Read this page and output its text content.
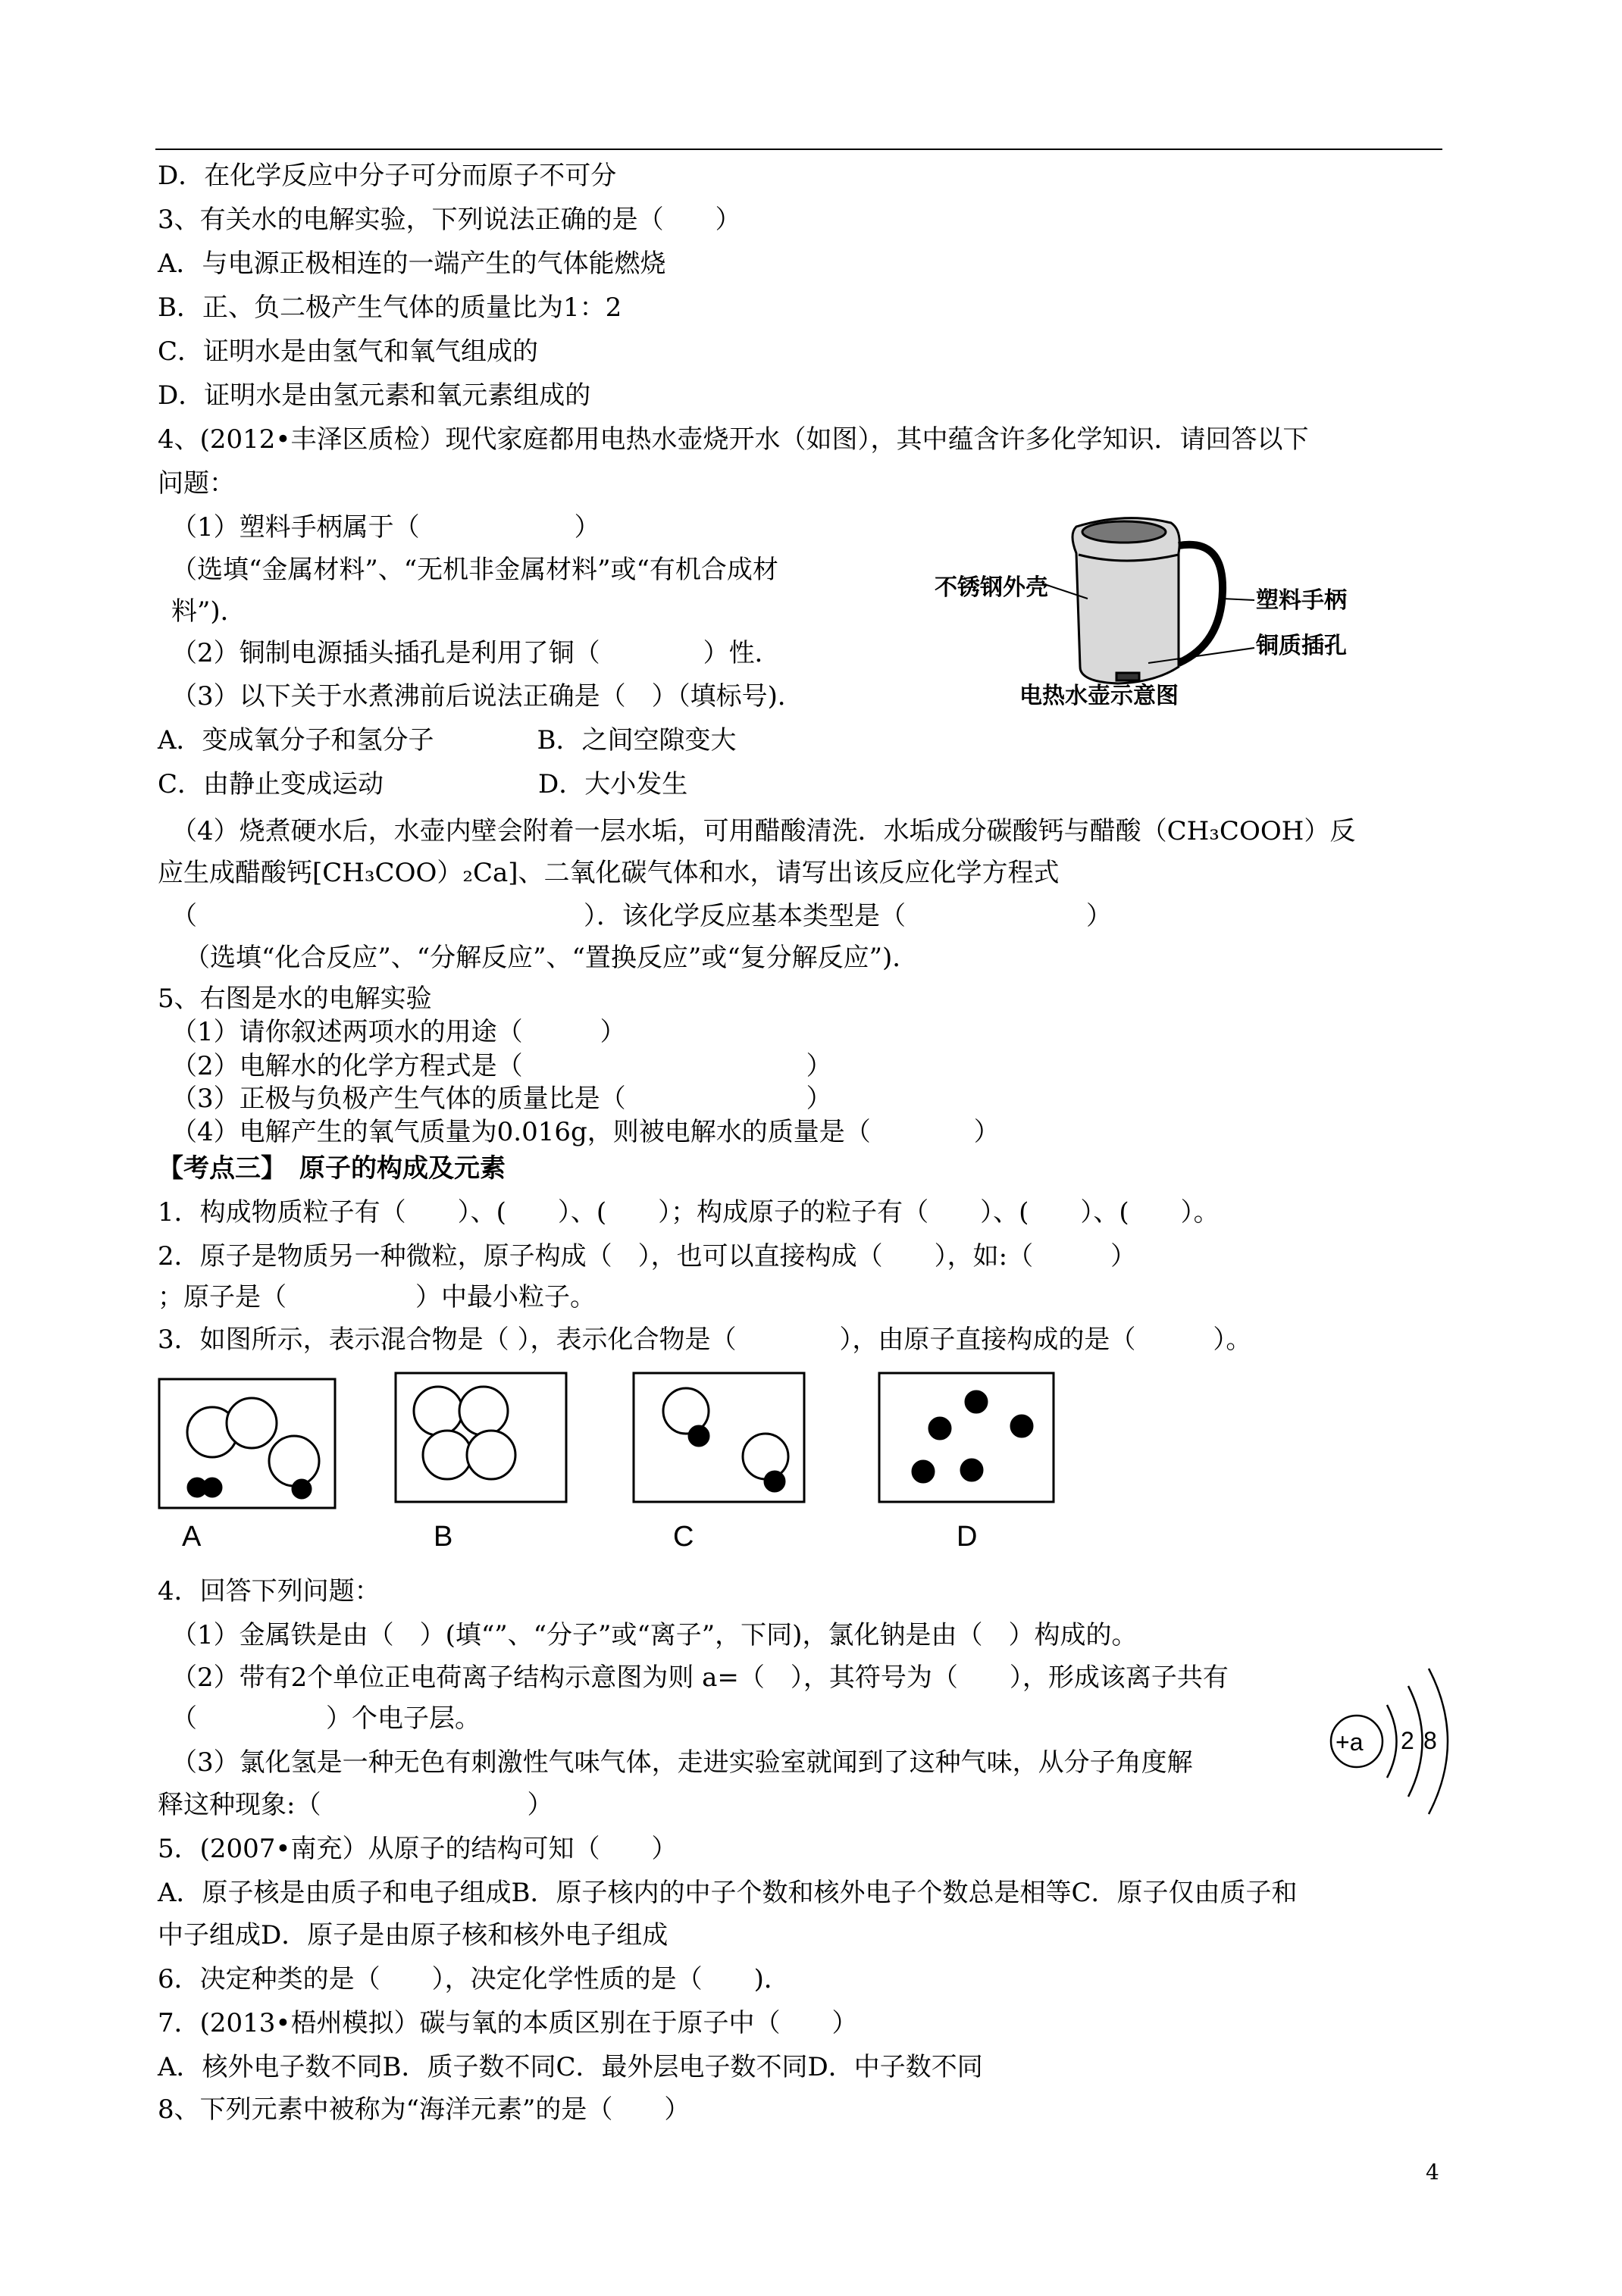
D．在化学反应中分子可分而原子不可分
3、有关水的电解实验，下列说法正确的是（　　）
A．与电源正极相连的一端产生的气体能燃烧
B．正、负二极产生气体的质量比为1：2
C．证明水是由氢气和氧气组成的
D．证明水是由氢元素和氧元素组成的
4、(2012•丰泽区质检）现代家庭都用电热水壶烧开水（如图），其中蕴含许多化学知识．请回答以下
问题：
（1）塑料手柄属于（　　　　　　）
（选填“金属材料”、“无机非金属材料”或“有机合成材
料”)．
（2）铜制电源插头插孔是利用了铜（　　　　）性．
（3）以下关于水煮沸前后说法正确是（　）（填标号)．
A．变成氧分子和氢分子　　　　B．之间空隙变大
C．由静止变成运动　　　　　　D．大小发生
（4）烧煮硬水后，水壶内壁会附着一层水垢，可用醋酸清洗．水垢成分碳酸钙与醋酸（CH₃COOH）反
应生成醋酸钙[CH₃COO）₂Ca]、二氧化碳气体和水，请写出该反应化学方程式
（　　　　　　　　　　　　　　　）．该化学反应基本类型是（　　　　　　　）
　（选填“化合反应”、“分解反应”、“置换反应”或“复分解反应”)．
5、右图是水的电解实验
（1）请你叙述两项水的用途（　　　）
（2）电解水的化学方程式是（　　　　　　　　　　　）
（3）正极与负极产生气体的质量比是（　　　　　　　）
（4）电解产生的氧气质量为0.016g，则被电解水的质量是（　　　　）
【考点三】　原子的构成及元素
1．构成物质粒子有（　　）、(　　）、(　　）；构成原子的粒子有（　　）、(　　）、(　　）。
2．原子是物质另一种微粒，原子构成（　），也可以直接构成（　　），如:（　　　）
；原子是（　　　　　）中最小粒子。
3．如图所示，表示混合物是（ ），表示化合物是（　　　　），由原子直接构成的是（　　　）。
4．回答下列问题：
（1）金属铁是由（　）(填“”、“分子”或“离子”，下同)，氯化钠是由（　）构成的。
（2）带有2个单位正电荷离子结构示意图为则 a=（　），其符号为（　　），形成该离子共有
（　　　　　）个电子层。
（3）氯化氢是一种无色有刺激性气味气体，走进实验室就闻到了这种气味，从分子角度解
释这种现象:（　　　　　　　　）
5．(2007•南充）从原子的结构可知（　　）
A．原子核是由质子和电子组成B．原子核内的中子个数和核外电子个数总是相等C．原子仅由质子和
中子组成D．原子是由原子核和核外电子组成
6．决定种类的是（　　），决定化学性质的是（　　)．
7．(2013•梧州模拟）碳与氧的本质区别在于原子中（　　）
A．核外电子数不同B．质子数不同C．最外层电子数不同D．中子数不同
8、下列元素中被称为“海洋元素”的是（　　）
不锈钢外壳	塑料手柄
铜质插孔
电热水壶示意图
A	B	C	D
+a 2 8
4
